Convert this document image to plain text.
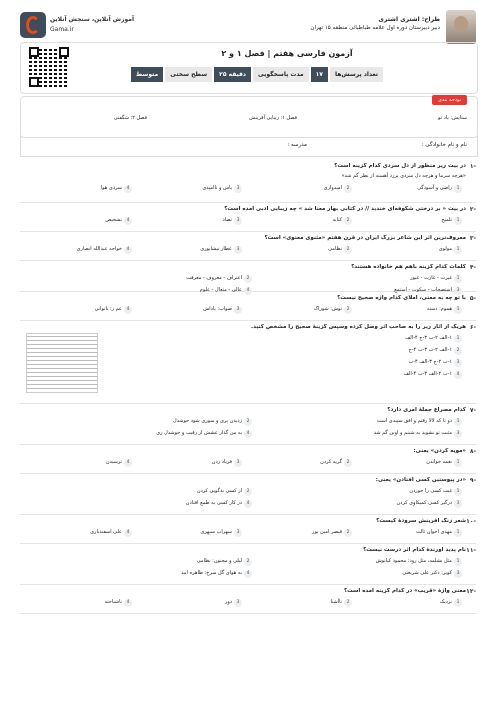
آموزش آنلاین، سنجش آنلاین
Gama.ir
طراح: اشتری اشتری
دبیر دبیرستان دوره اول علامه طباطبائی منطقه ۱۵ تهران
آزمون فارسی هفتم | فصل ۱ و ۲
تعداد پرسش‌ها
۱۷
مدت پاسخگویی
۲۵ دقیقه
سطح سختی
متوسط
بودجه بندی
ستایش: یاد تو
فصل ۱: زیبایی آفرینش
فصل ۲: شگفتی
نام و نام خانوادگی :
مدرسه :
۱-
در بیت زیر منظور از دل سردی کدام گزینه است؟
«هرچه سرما و هرچه دل سردی پرزد آهسته از نظر گم شد»
1راضی و آسودگی
2امیدواری
3یاس و ناامیدی
4سردی هوا
۲-
در بیت « بر درختی شکوفه‌ای خندید // در کتابی بهار معنا شد » چه زیبایی ادبی آمده است؟
1تلمیح
2کنایه
3تضاد
4تشخیص
۳-
معروف‌ترین اثر این شاعر بزرگ ایران در قرن هفتم «مثنوی معنوی» است؟
1مولوی
2نظامی
3عطار نیشابوری
4خواجه عبدالله انصاری
۴-
کلمات کدام گزینه باهم هم خانواده هستند؟
1غیرت - غارت - غیور
2اعتراف - معروف - معرفت
3استصحاب - سکوت - استمع
4عالی - متعال - علوم
۵-
با تو چه به معنی، املای کدام واژه صحیح نیست؟
1هموم: دسته
2توش: شوراک
3صواب: پاداش
4عم ز: ناتوانی
۶-
هریک از آثار زیر را به صاحب اثر وصل کرده وسپس گزینهٔ صحیح را مشخص کنید.
1۱-الف ۲-ب ۳-ج ۴-الف
2۱-الف ۲-ب ۳-ب ۴-ج
3۱-ب ۲-ج ۳-الف ۴-ب
4۱-ب ۲-الف ۳-ب ۴-الف
۷-
کدام مصراع جملهٔ امری دارد؟
1دو تا که لالا رفتم و افق سپیدی است
2زدیدن پری و سوری شود خوشدل
3مثبت تو نشوید به شبنم و اوبن گم شد
4به من گذار عشش از رقیب و خوشدل زی
۸-
«مویه کردن» یعنی:
1نغمه خواندن
2گریه کردن
3فریاد زدن
4ترسیدن
۹-
«در پیوستین کسی افتادن» یعنی:
1غیب کسی را خوردن
2از کسی بدگویی کردن
3درگیر کسی کمیکاوی کردن
4در کار کسی به طمع افتادن
۱۰-
شعر زنگ آفرینش سرودهٔ کیست؟
1مهدی اخوان ثالث
2قیصر امین پور
3سهراب سپهری
4علی اسفندیاری
۱۱-
نام پدید آورندهٔ کدام اثر درست نیست؟
1مثل بشلمه، مثل رود: محمود کیانوش
2لیلی و مجنون: نظامی
3کویر: دکتر علی شریعتی
4به هوای گل سرخ: طاهره ایبد
۱۲-
معنی واژهٔ «قریب» در کدام گزینه آمده است؟
1نزدیک
2ناآشنا
3دور
4ناشناخته
